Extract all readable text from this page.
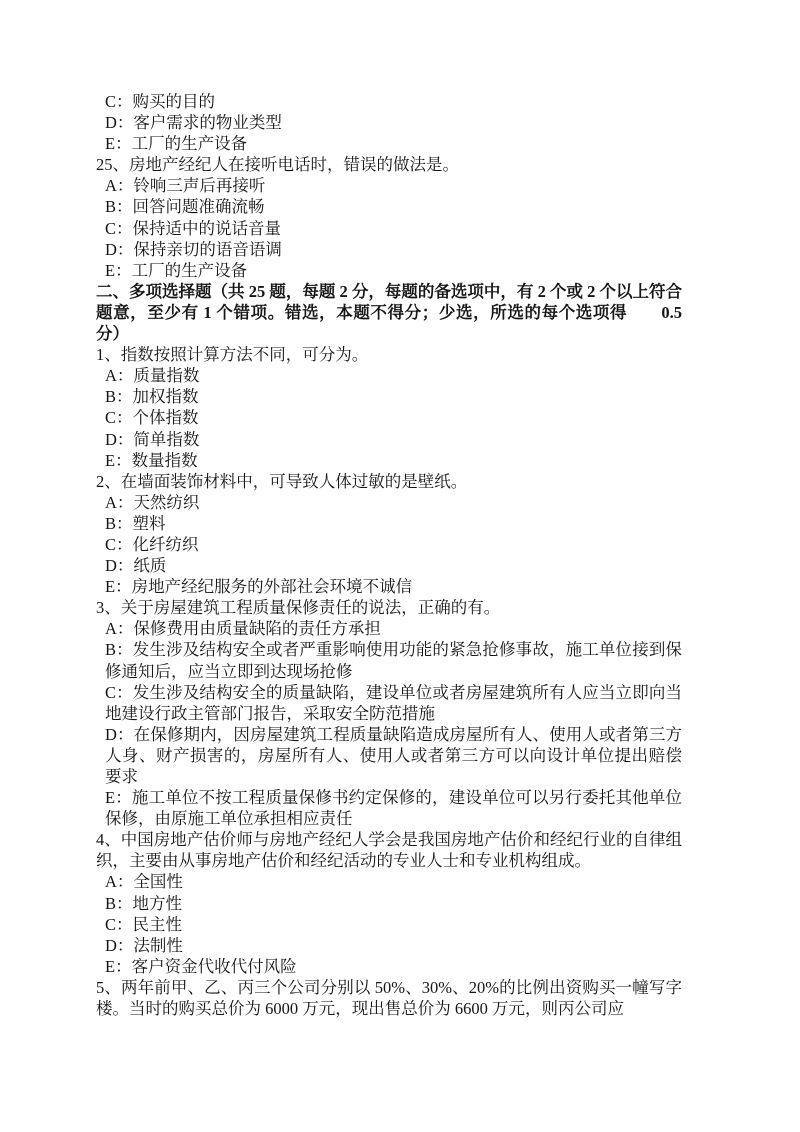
C：购买的目的

D：客户需求的物业类型

E：工厂的生产设备

25、房地产经纪人在接听电话时，错误的做法是。

A：铃响三声后再接听

B：回答问题准确流畅

C：保持适中的说话音量

D：保持亲切的语音语调

E：工厂的生产设备

二、多项选择题（共 25 题，每题 2 分，每题的备选项中，有 2 个或 2 个以上符合题意，至少有 1 个错项。错选，本题不得分；少选，所选的每个选项得　　0.5 分）

1、指数按照计算方法不同，可分为。

A：质量指数

B：加权指数

C：个体指数

D：简单指数

E：数量指数

2、在墙面装饰材料中，可导致人体过敏的是壁纸。

A：天然纺织

B：塑料

C：化纤纺织

D：纸质

E：房地产经纪服务的外部社会环境不诚信

3、关于房屋建筑工程质量保修责任的说法，正确的有。

A：保修费用由质量缺陷的责任方承担

B：发生涉及结构安全或者严重影响使用功能的紧急抢修事故，施工单位接到保修通知后，应当立即到达现场抢修

C：发生涉及结构安全的质量缺陷，建设单位或者房屋建筑所有人应当立即向当地建设行政主管部门报告，采取安全防范措施

D：在保修期内，因房屋建筑工程质量缺陷造成房屋所有人、使用人或者第三方人身、财产损害的，房屋所有人、使用人或者第三方可以向设计单位提出赔偿要求

E：施工单位不按工程质量保修书约定保修的，建设单位可以另行委托其他单位保修，由原施工单位承担相应责任

4、中国房地产估价师与房地产经纪人学会是我国房地产估价和经纪行业的自律组织，主要由从事房地产估价和经纪活动的专业人士和专业机构组成。

A：全国性

B：地方性

C：民主性

D：法制性

E：客户资金代收代付风险

5、两年前甲、乙、丙三个公司分别以 50%、30%、20%的比例出资购买一幢写字楼。当时的购买总价为 6000 万元，现出售总价为 6600 万元，则丙公司应
